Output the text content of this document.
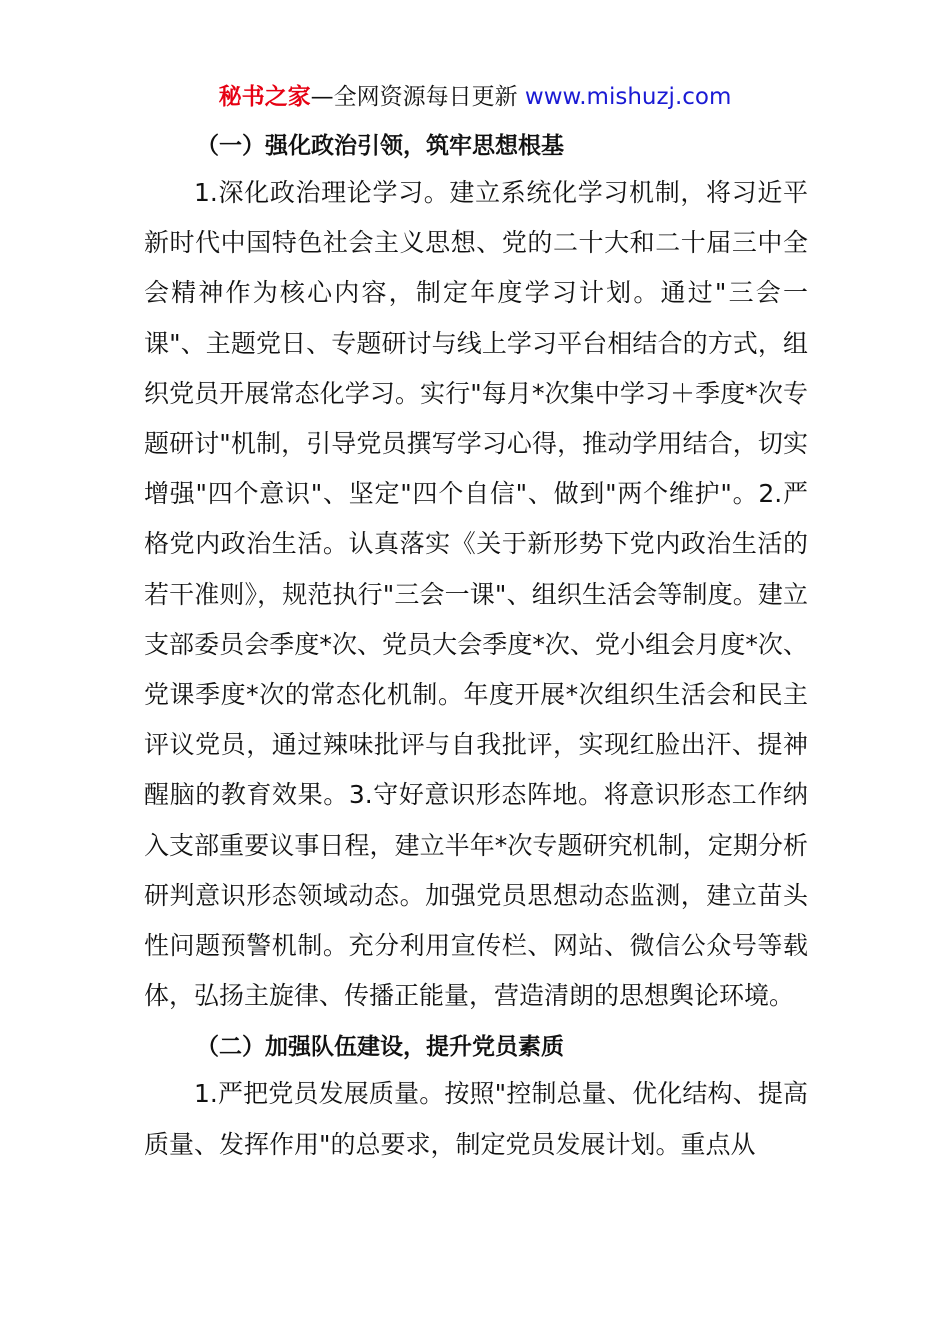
秘书之家—全网资源每日更新 www.mishuzj.com
（一）强化政治引领，筑牢思想根基

1.深化政治理论学习。建立系统化学习机制，将习近平新时代中国特色社会主义思想、党的二十大和二十届三中全会精神作为核心内容，制定年度学习计划。通过"三会一课"、主题党日、专题研讨与线上学习平台相结合的方式，组织党员开展常态化学习。实行"每月*次集中学习＋季度*次专题研讨"机制，引导党员撰写学习心得，推动学用结合，切实增强"四个意识"、坚定"四个自信"、做到"两个维护"。2.严格党内政治生活。认真落实《关于新形势下党内政治生活的若干准则》，规范执行"三会一课"、组织生活会等制度。建立支部委员会季度*次、党员大会季度*次、党小组会月度*次、党课季度*次的常态化机制。年度开展*次组织生活会和民主评议党员，通过辣味批评与自我批评，实现红脸出汗、提神醒脑的教育效果。3.守好意识形态阵地。将意识形态工作纳入支部重要议事日程，建立半年*次专题研究机制，定期分析研判意识形态领域动态。加强党员思想动态监测，建立苗头性问题预警机制。充分利用宣传栏、网站、微信公众号等载体，弘扬主旋律、传播正能量，营造清朗的思想舆论环境。

（二）加强队伍建设，提升党员素质

1.严把党员发展质量。按照"控制总量、优化结构、提高质量、发挥作用"的总要求，制定党员发展计划。重点从
